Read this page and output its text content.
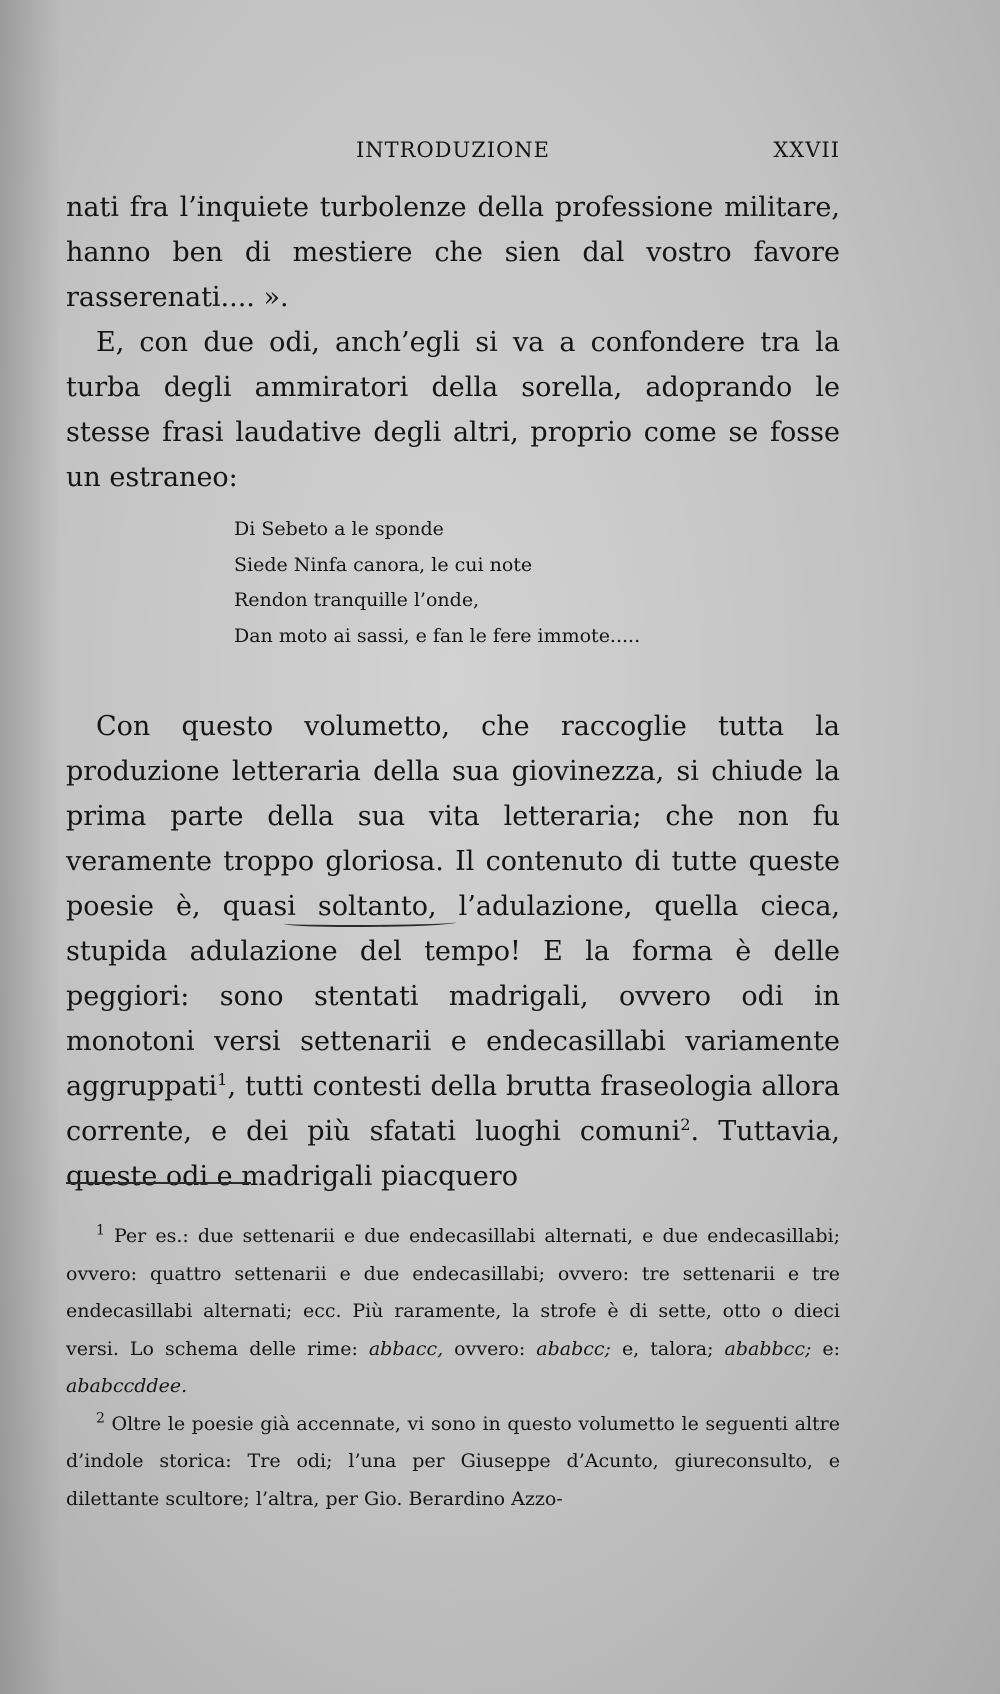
INTRODUZIONE	XXVII

nati fra l’inquiete turbolenze della professione militare, hanno ben di mestiere che sien dal vostro favore rasserenati.... ».

E, con due odi, anch’egli si va a confondere tra la turba degli ammiratori della sorella, adoprando le stesse frasi laudative degli altri, proprio come se fosse un estraneo:

Di Sebeto a le sponde
Siede Ninfa canora, le cui note
Rendon tranquille l’onde,
Dan moto ai sassi, e fan le fere immote.....

Con questo volumetto, che raccoglie tutta la produzione letteraria della sua giovinezza, si chiude la prima parte della sua vita letteraria; che non fu veramente troppo gloriosa. Il contenuto di tutte queste poesie è, quasi soltanto, l’adulazione, quella cieca, stupida adulazione del tempo! E la forma è delle peggiori: sono stentati madrigali, ovvero odi in monotoni versi settenarii e endecasillabi variamente aggruppati$^1$, tutti contesti della brutta fraseologia allora corrente, e dei più sfatati luoghi comuni$^2$. Tuttavia, queste odi e madrigali piacquero

$^1$ Per es.: due settenarii e due endecasillabi alternati, e due endecasillabi; ovvero: quattro settenarii e due endecasillabi; ovvero: tre settenarii e tre endecasillabi alternati; ecc. Più raramente, la strofe è di sette, otto o dieci versi. Lo schema delle rime: abbacc, ovvero: ababcc; e, talora; ababbcc; e: ababccddee.

$^2$ Oltre le poesie già accennate, vi sono in questo volumetto le seguenti altre d’indole storica: Tre odi; l’una per Giuseppe d’Acunto, giureconsulto, e dilettante scultore; l’altra, per Gio. Berardino Azzo-
